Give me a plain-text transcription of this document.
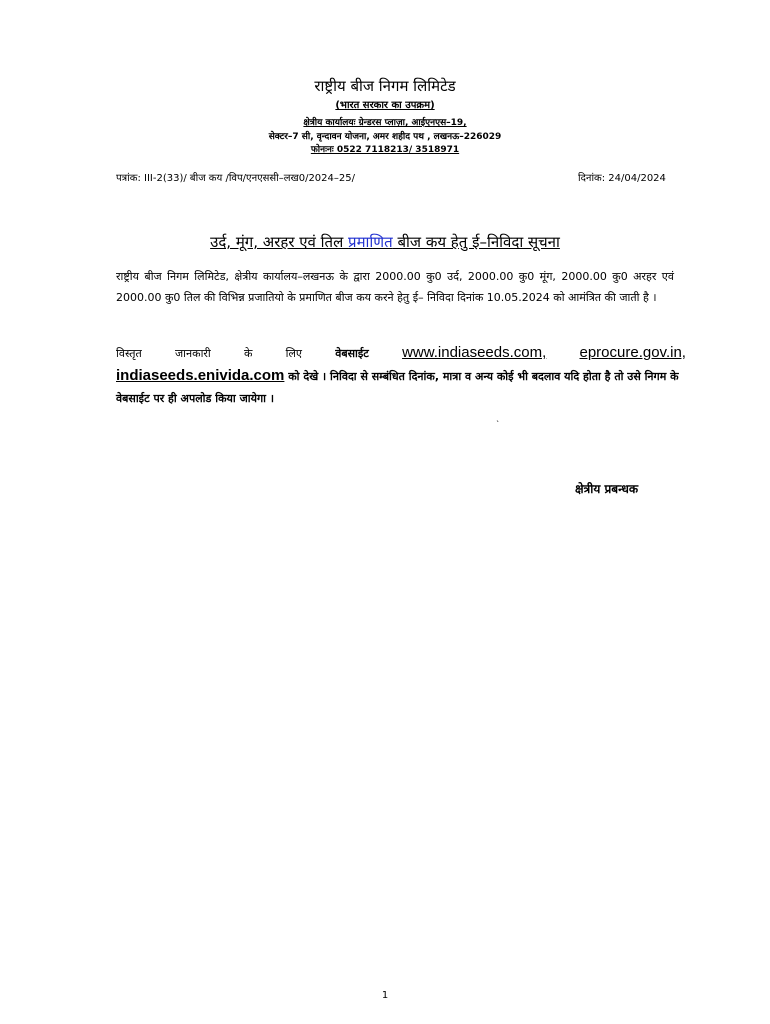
राष्ट्रीय बीज निगम लिमिटेड
(भारत सरकार का उपक्रम)
क्षेत्रीय कार्यालयः ग्रेन्डरस प्लाज़ा, आईएनएस–19,
सेक्टर–7 सी, वृन्दावन योजना, अमर शहीद पथ , लखनऊ–226029
फोनःनः 0522 7118213/ 3518971
पत्रांक: III-2(33)/ बीज कय /विप/एनएससी–लख0/2024–25/	दिनांक: 24/04/2024
उर्द, मूंग, अरहर एवं तिल प्रमाणित बीज कय हेतु ई–निविदा सूचना
राष्ट्रीय बीज निगम लिमिटेड, क्षेत्रीय कार्यालय–लखनऊ के द्वारा 2000.00 कु0 उर्द, 2000.00 कु0 मूंग, 2000.00 कु0 अरहर एवं 2000.00 कु0 तिल की विभिन्न प्रजातियो के प्रमाणित बीज कय करने हेतु ई– निविदा दिनांक 10.05.2024 को आमंत्रित की जाती है ।
विस्तृत	जानकारी	के	लिए	वेबसाईट www.indiaseeds.com, eprocure.gov.in,
indiaseeds.enivida.com को देखे । निविदा से सम्बंधित दिनांक, मात्रा व अन्य कोई भी बदलाव यदि होता है तो उसे निगम के वेबसाईट पर ही अपलोड किया जायेगा ।
ˋ
क्षेत्रीय प्रबन्धक
1
